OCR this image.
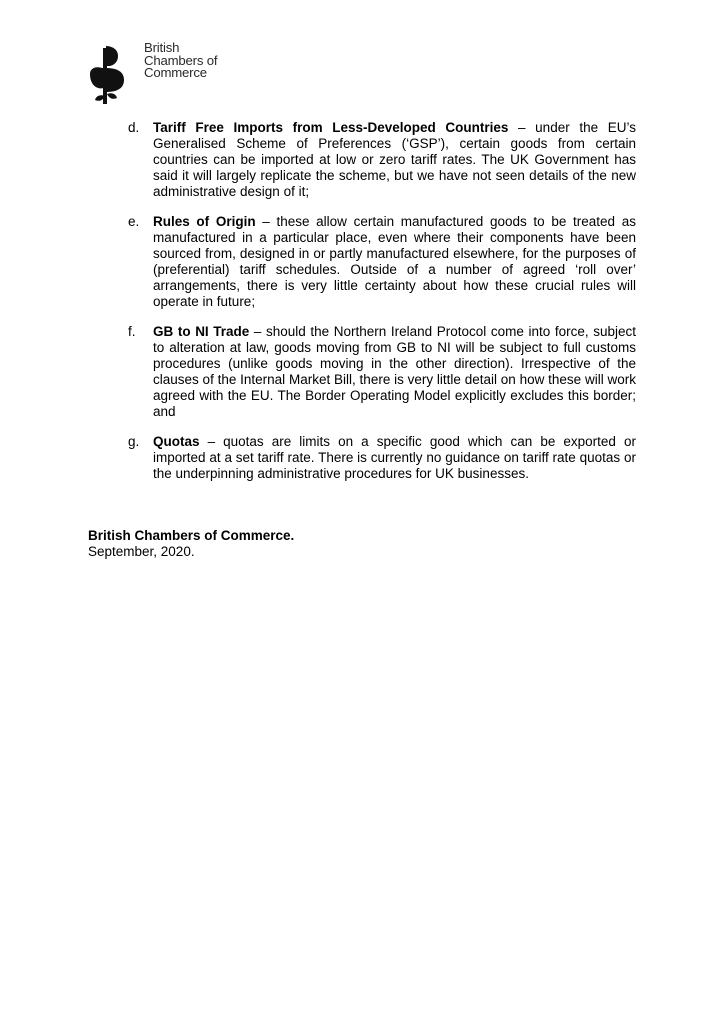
British
Chambers of
Commerce
d.	Tariff Free Imports from Less-Developed Countries – under the EU’s Generalised Scheme of Preferences (‘GSP’), certain goods from certain countries can be imported at low or zero tariff rates. The UK Government has said it will largely replicate the scheme, but we have not seen details of the new administrative design of it;
e.	Rules of Origin – these allow certain manufactured goods to be treated as manufactured in a particular place, even where their components have been sourced from, designed in or partly manufactured elsewhere, for the purposes of (preferential) tariff schedules. Outside of a number of agreed ‘roll over’ arrangements, there is very little certainty about how these crucial rules will operate in future;
f.	GB to NI Trade – should the Northern Ireland Protocol come into force, subject to alteration at law, goods moving from GB to NI will be subject to full customs procedures (unlike goods moving in the other direction). Irrespective of the clauses of the Internal Market Bill, there is very little detail on how these will work agreed with the EU. The Border Operating Model explicitly excludes this border; and
g.	Quotas – quotas are limits on a specific good which can be exported or imported at a set tariff rate. There is currently no guidance on tariff rate quotas or the underpinning administrative procedures for UK businesses.
British Chambers of Commerce.
September, 2020.
